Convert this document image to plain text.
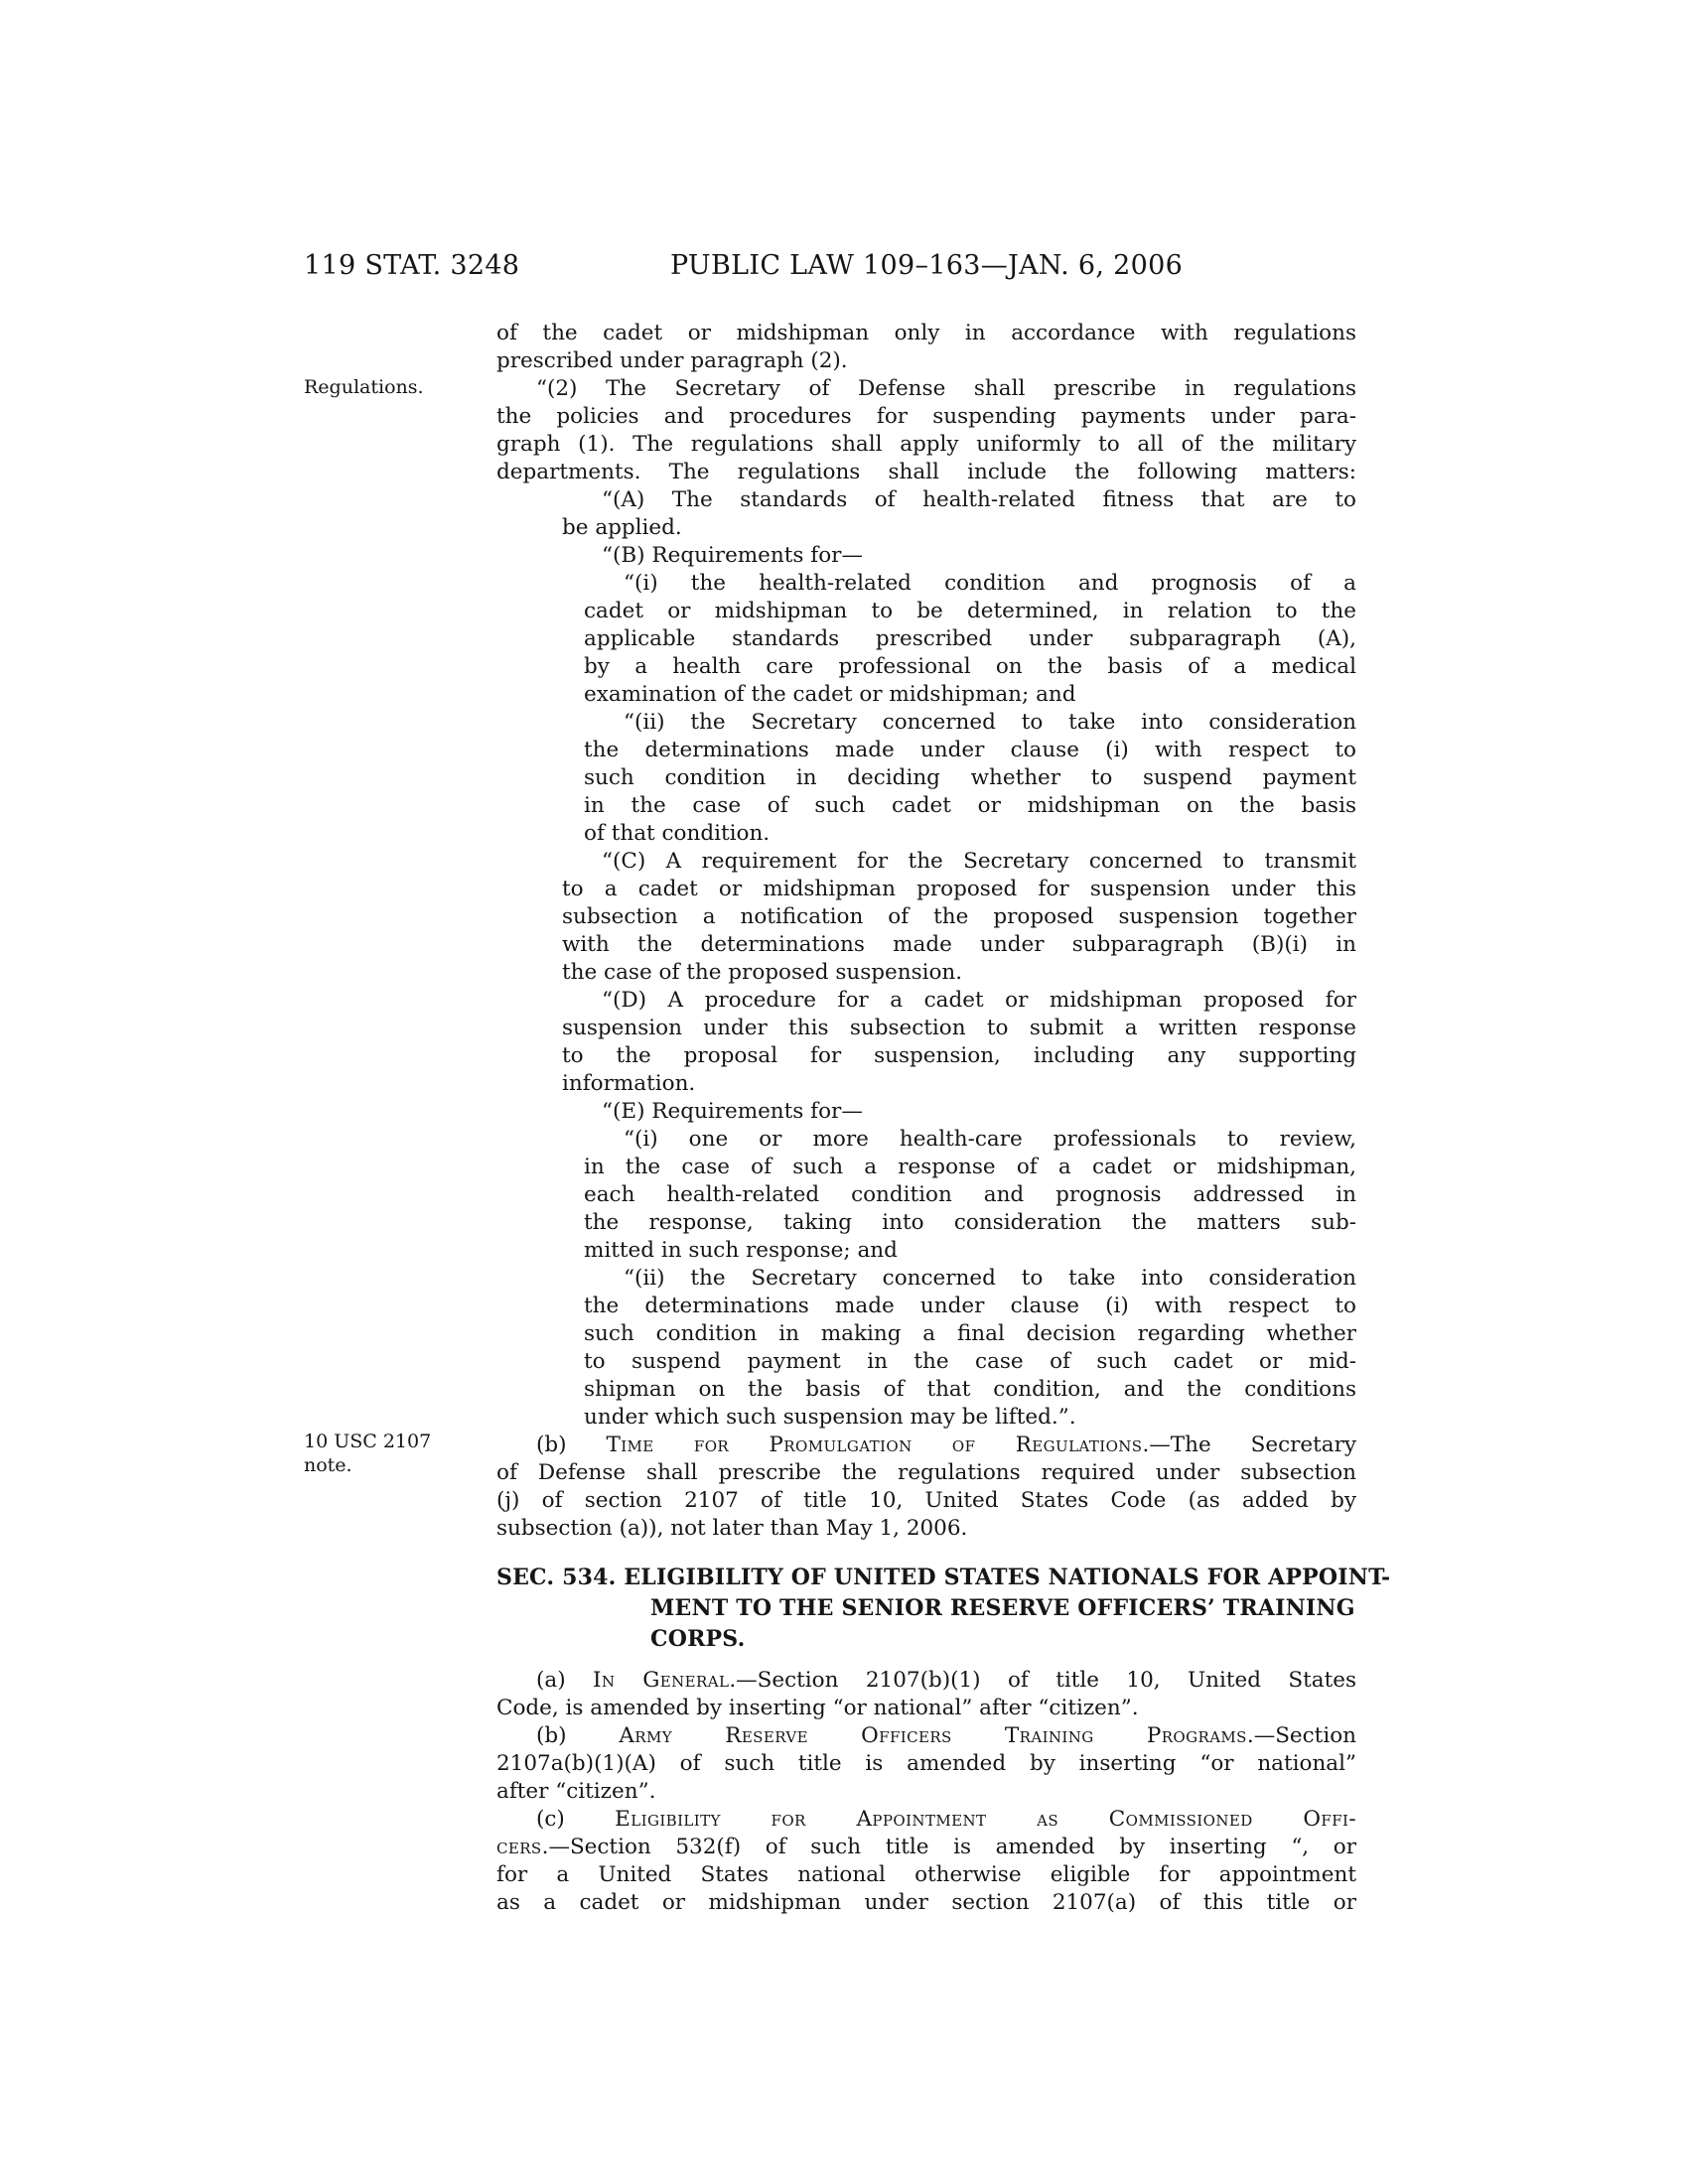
119 STAT. 3248	PUBLIC LAW 109–163—JAN. 6, 2006
Regulations.
10 USC 2107
note.
of the cadet or midshipman only in accordance with regulations
prescribed under paragraph (2).
“(2) The Secretary of Defense shall prescribe in regulations
the policies and procedures for suspending payments under para-
graph (1). The regulations shall apply uniformly to all of the military
departments. The regulations shall include the following matters:
“(A) The standards of health-related fitness that are to
be applied.
“(B) Requirements for—
“(i) the health-related condition and prognosis of a
cadet or midshipman to be determined, in relation to the
applicable standards prescribed under subparagraph (A),
by a health care professional on the basis of a medical
examination of the cadet or midshipman; and
“(ii) the Secretary concerned to take into consideration
the determinations made under clause (i) with respect to
such condition in deciding whether to suspend payment
in the case of such cadet or midshipman on the basis
of that condition.
“(C) A requirement for the Secretary concerned to transmit
to a cadet or midshipman proposed for suspension under this
subsection a notification of the proposed suspension together
with the determinations made under subparagraph (B)(i) in
the case of the proposed suspension.
“(D) A procedure for a cadet or midshipman proposed for
suspension under this subsection to submit a written response
to the proposal for suspension, including any supporting
information.
“(E) Requirements for—
“(i) one or more health-care professionals to review,
in the case of such a response of a cadet or midshipman,
each health-related condition and prognosis addressed in
the response, taking into consideration the matters sub-
mitted in such response; and
“(ii) the Secretary concerned to take into consideration
the determinations made under clause (i) with respect to
such condition in making a final decision regarding whether
to suspend payment in the case of such cadet or mid-
shipman on the basis of that condition, and the conditions
under which such suspension may be lifted.”.
(b) Time for Promulgation of Regulations.—The Secretary
of Defense shall prescribe the regulations required under subsection
(j) of section 2107 of title 10, United States Code (as added by
subsection (a)), not later than May 1, 2006.
SEC. 534. ELIGIBILITY OF UNITED STATES NATIONALS FOR APPOINT-
MENT TO THE SENIOR RESERVE OFFICERS’ TRAINING
CORPS.
(a) In General.—Section 2107(b)(1) of title 10, United States
Code, is amended by inserting “or national” after “citizen”.
(b) Army Reserve Officers Training Programs.—Section
2107a(b)(1)(A) of such title is amended by inserting “or national”
after “citizen”.
(c) Eligibility for Appointment as Commissioned Offi-
cers.—Section 532(f) of such title is amended by inserting “, or
for a United States national otherwise eligible for appointment
as a cadet or midshipman under section 2107(a) of this title or
